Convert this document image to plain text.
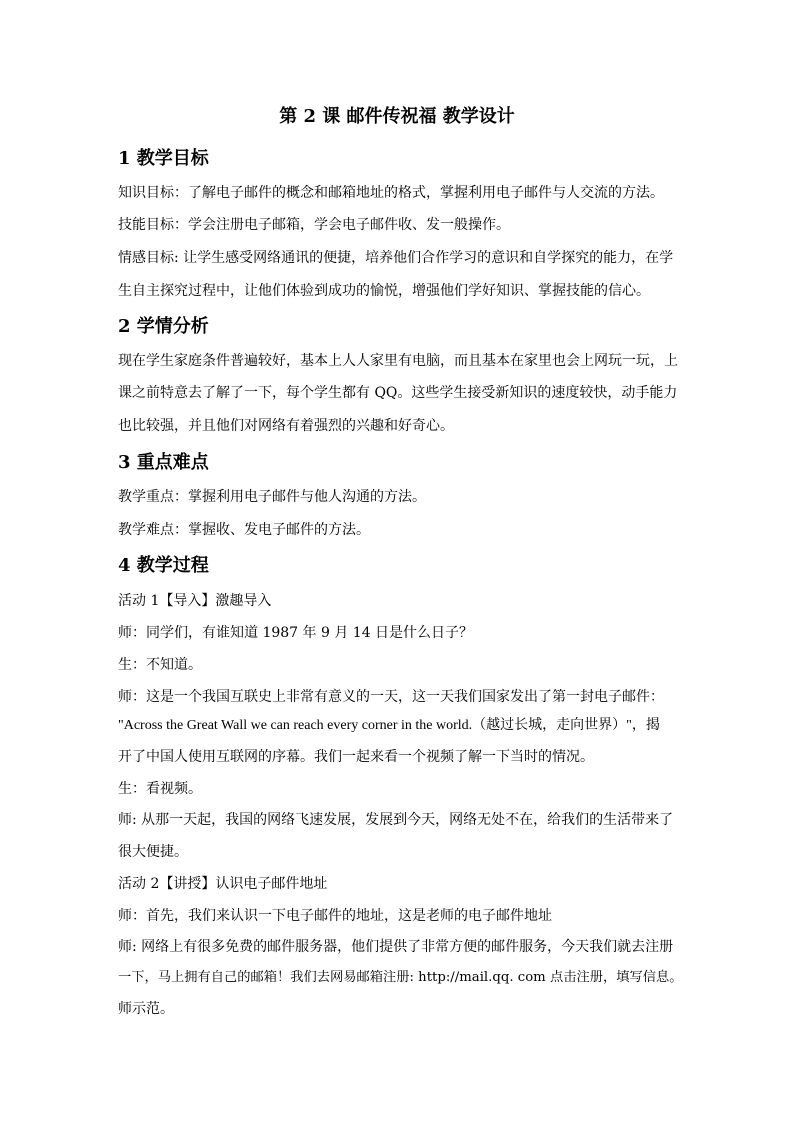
第 2 课 邮件传祝福 教学设计
1 教学目标
知识目标：了解电子邮件的概念和邮箱地址的格式，掌握利用电子邮件与人交流的方法。
技能目标：学会注册电子邮箱，学会电子邮件收、发一般操作。
情感目标: 让学生感受网络通讯的便捷，培养他们合作学习的意识和自学探究的能力，在学
生自主探究过程中，让他们体验到成功的愉悦，增强他们学好知识、掌握技能的信心。
2 学情分析
现在学生家庭条件普遍较好，基本上人人家里有电脑，而且基本在家里也会上网玩一玩，上
课之前特意去了解了一下，每个学生都有 QQ。这些学生接受新知识的速度较快，动手能力
也比较强，并且他们对网络有着强烈的兴趣和好奇心。
3 重点难点
教学重点：掌握利用电子邮件与他人沟通的方法。
教学难点：掌握收、发电子邮件的方法。
4 教学过程
活动 1【导入】激趣导入
师：同学们，有谁知道 1987 年 9 月 14 日是什么日子？
生：不知道。
师：这是一个我国互联史上非常有意义的一天，这一天我们国家发出了第一封电子邮件：
"Across the Great Wall we can reach every corner in the world.（越过长城，走向世界）"，揭
开了中国人使用互联网的序幕。我们一起来看一个视频了解一下当时的情况。
生：看视频。
师: 从那一天起，我国的网络飞速发展，发展到今天，网络无处不在，给我们的生活带来了
很大便捷。
活动 2【讲授】认识电子邮件地址
师：首先，我们来认识一下电子邮件的地址，这是老师的电子邮件地址
师: 网络上有很多免费的邮件服务器，他们提供了非常方便的邮件服务，今天我们就去注册
一下，马上拥有自己的邮箱！我们去网易邮箱注册: http://mail.qq. com 点击注册，填写信息。
师示范。
